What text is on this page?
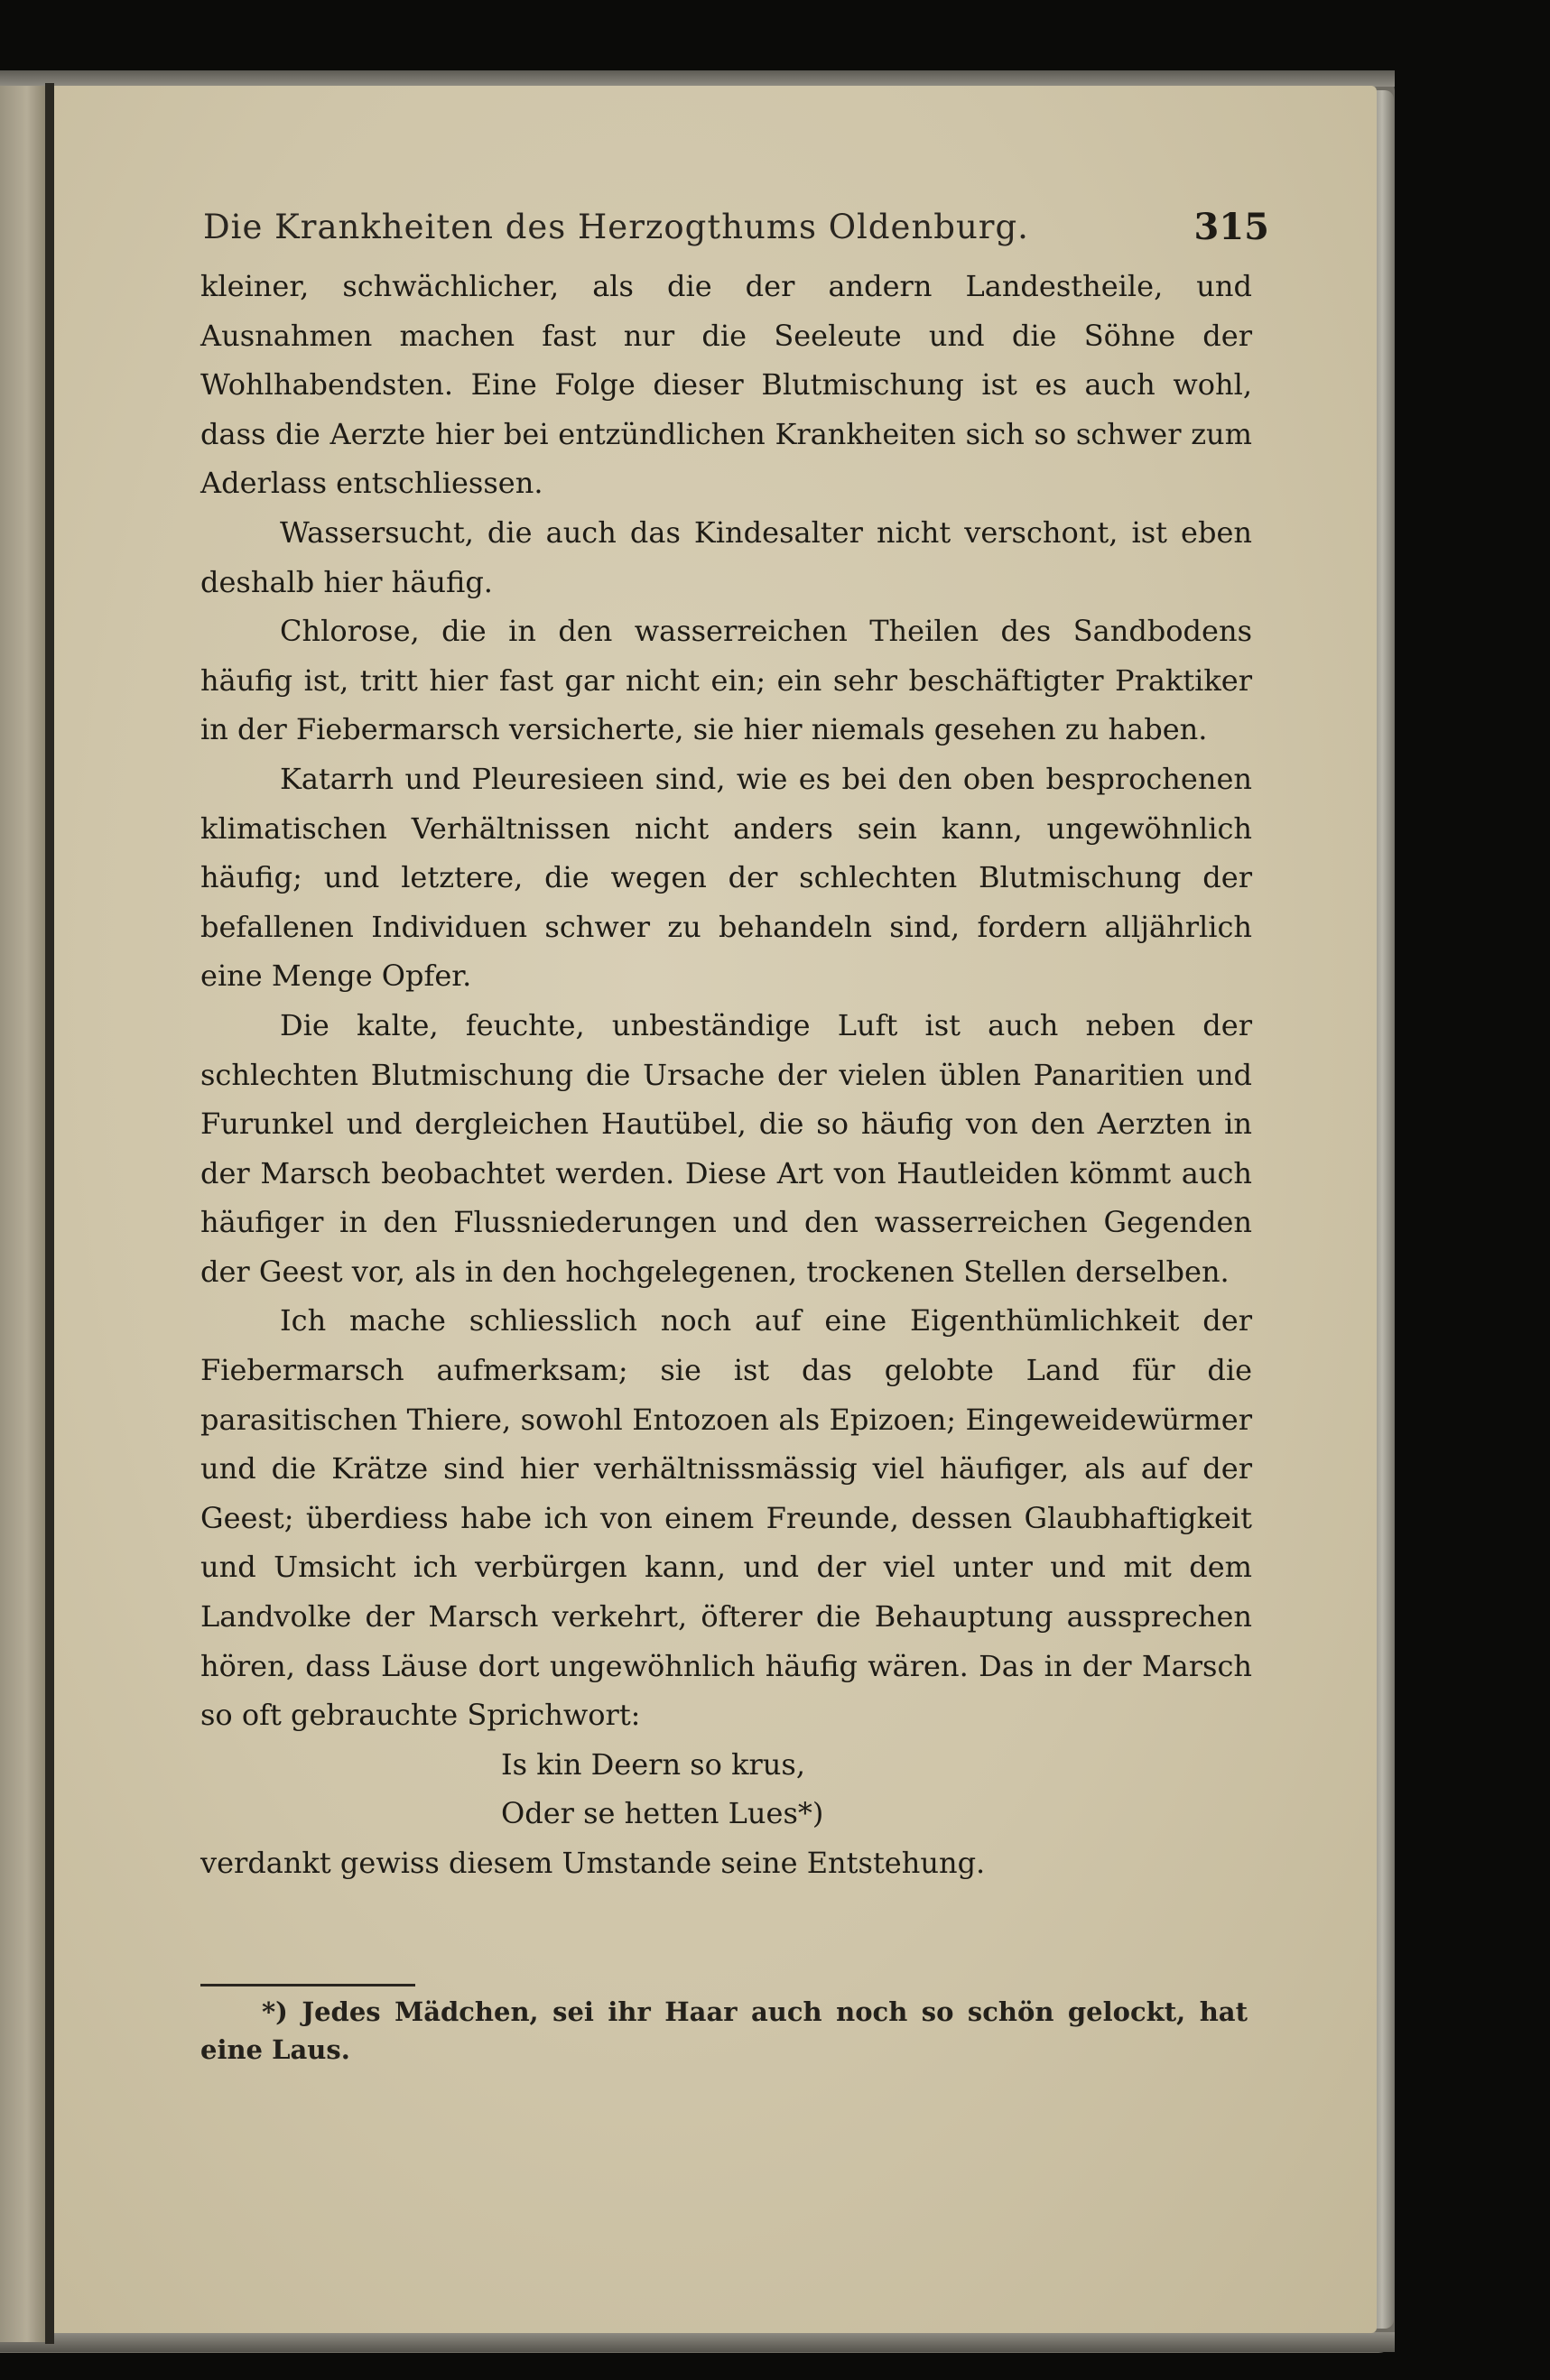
Die Krankheiten des Herzogthums Oldenburg.	315

kleiner, schwächlicher, als die der andern Landestheile, und Ausnahmen machen fast nur die Seeleute und die Söhne der Wohlhabendsten. Eine Folge dieser Blutmischung ist es auch wohl, dass die Aerzte hier bei entzündlichen Krankheiten sich so schwer zum Aderlass entschliessen.

Wassersucht, die auch das Kindesalter nicht verschont, ist eben deshalb hier häufig.

Chlorose, die in den wasserreichen Theilen des Sandbodens häufig ist, tritt hier fast gar nicht ein; ein sehr beschäftigter Praktiker in der Fiebermarsch versicherte, sie hier niemals gesehen zu haben.

Katarrh und Pleuresieen sind, wie es bei den oben besprochenen klimatischen Verhältnissen nicht anders sein kann, ungewöhnlich häufig; und letztere, die wegen der schlechten Blutmischung der befallenen Individuen schwer zu behandeln sind, fordern alljährlich eine Menge Opfer.

Die kalte, feuchte, unbeständige Luft ist auch neben der schlechten Blutmischung die Ursache der vielen üblen Panaritien und Furunkel und dergleichen Hautübel, die so häufig von den Aerzten in der Marsch beobachtet werden. Diese Art von Hautleiden kömmt auch häufiger in den Flussniederungen und den wasserreichen Gegenden der Geest vor, als in den hochgelegenen, trockenen Stellen derselben.

Ich mache schliesslich noch auf eine Eigenthümlichkeit der Fiebermarsch aufmerksam; sie ist das gelobte Land für die parasitischen Thiere, sowohl Entozoen als Epizoen; Eingeweidewürmer und die Krätze sind hier verhältnissmässig viel häufiger, als auf der Geest; überdiess habe ich von einem Freunde, dessen Glaubhaftigkeit und Umsicht ich verbürgen kann, und der viel unter und mit dem Landvolke der Marsch verkehrt, öfterer die Behauptung aussprechen hören, dass Läuse dort ungewöhnlich häufig wären. Das in der Marsch so oft gebrauchte Sprichwort:

Is kin Deern so krus,
Oder se hetten Lues*)

verdankt gewiss diesem Umstande seine Entstehung.

*) Jedes Mädchen, sei ihr Haar auch noch so schön gelockt, hat eine Laus.
